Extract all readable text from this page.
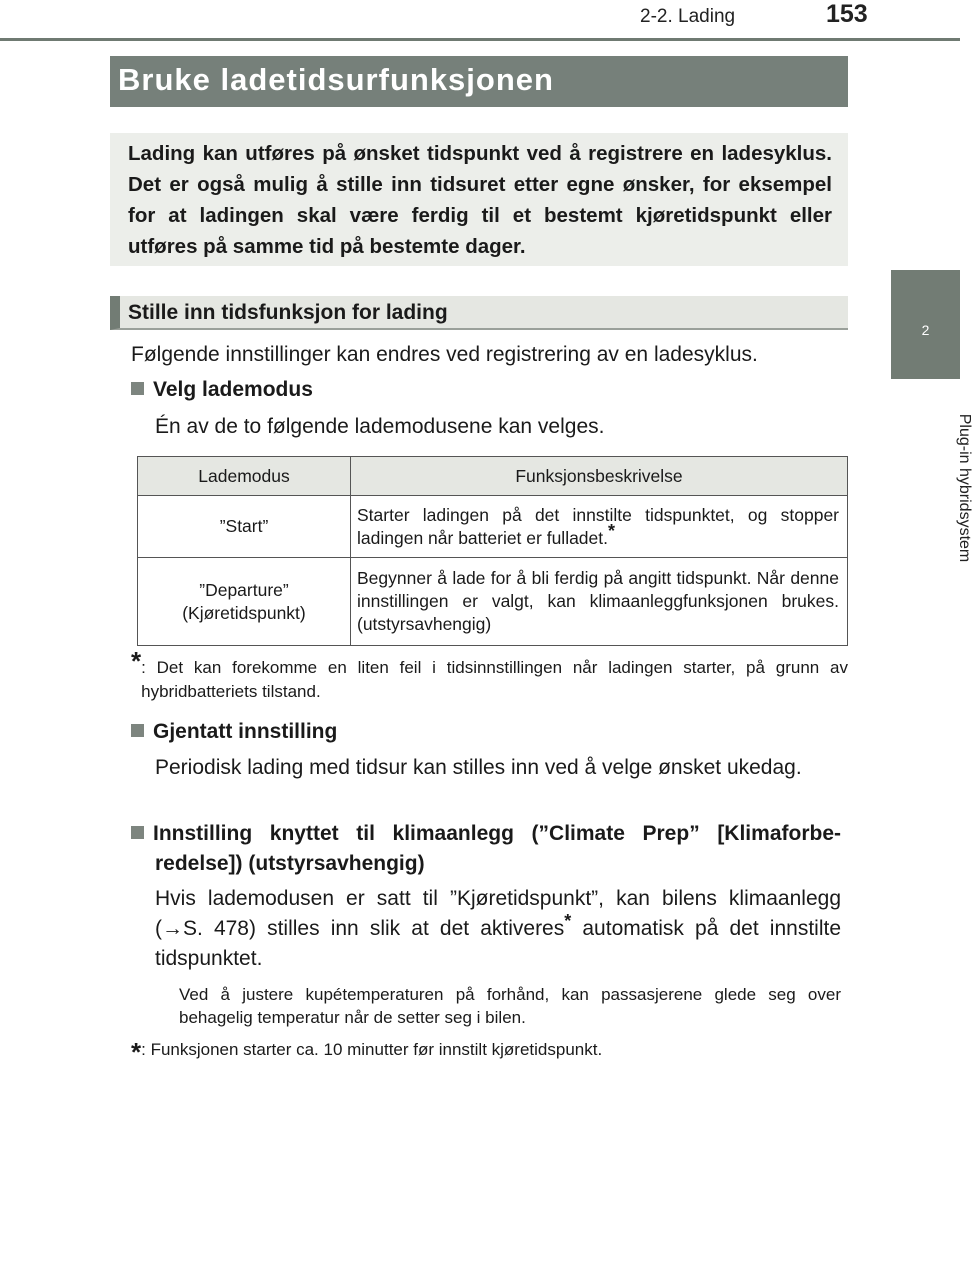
2-2. Lading	153
2
Plug-in hybridsystem
Bruke ladetidsurfunksjonen
Lading kan utføres på ønsket tidspunkt ved å registrere en ladesyklus. Det er også mulig å stille inn tidsuret etter egne ønsker, for eksempel for at ladingen skal være ferdig til et bestemt kjøretidspunkt eller utføres på samme tid på bestemte dager.
Stille inn tidsfunksjon for lading
Følgende innstillinger kan endres ved registrering av en ladesyklus.
Velg lademodus
Én av de to følgende lademodusene kan velges.
Lademodus	Funksjonsbeskrivelse
”Start”	Starter ladingen på det innstilte tidspunktet, og stopper ladingen når batteriet er fulladet.*
”Departure”
(Kjøretidspunkt)	Begynner å lade for å bli ferdig på angitt tidspunkt. Når denne innstillingen er valgt, kan klimaanleggfunksjonen brukes. (utstyrsavhengig)
* : Det kan forekomme en liten feil i tidsinnstillingen når ladingen starter, på grunn av hybridbatteriets tilstand.
Gjentatt innstilling
Periodisk lading med tidsur kan stilles inn ved å velge ønsket ukedag.
Innstilling knyttet til klimaanlegg (”Climate Prep” [Klimaforberedelse]) (utstyrsavhengig)
Hvis lademodusen er satt til ”Kjøretidspunkt”, kan bilens klimaanlegg (→S. 478) stilles inn slik at det aktiveres* automatisk på det innstilte tidspunktet.
Ved å justere kupétemperaturen på forhånd, kan passasjerene glede seg over behagelig temperatur når de setter seg i bilen.
*: Funksjonen starter ca. 10 minutter før innstilt kjøretidspunkt.
